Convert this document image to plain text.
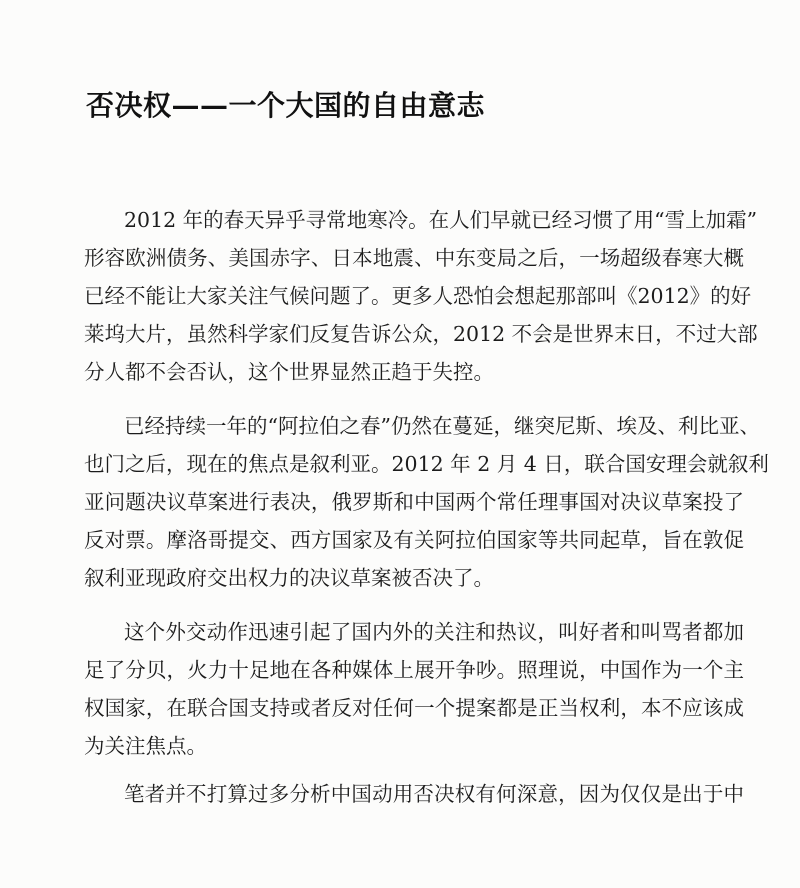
否决权——一个大国的自由意志
2012 年的春天异乎寻常地寒冷。在人们早就已经习惯了用“雪上加霜”
形容欧洲债务、美国赤字、日本地震、中东变局之后，一场超级春寒大概
已经不能让大家关注气候问题了。更多人恐怕会想起那部叫《2012》的好
莱坞大片，虽然科学家们反复告诉公众，2012 不会是世界末日，不过大部
分人都不会否认，这个世界显然正趋于失控。
已经持续一年的“阿拉伯之春”仍然在蔓延，继突尼斯、埃及、利比亚、
也门之后，现在的焦点是叙利亚。2012 年 2 月 4 日，联合国安理会就叙利
亚问题决议草案进行表决，俄罗斯和中国两个常任理事国对决议草案投了
反对票。摩洛哥提交、西方国家及有关阿拉伯国家等共同起草，旨在敦促
叙利亚现政府交出权力的决议草案被否决了。
这个外交动作迅速引起了国内外的关注和热议，叫好者和叫骂者都加
足了分贝，火力十足地在各种媒体上展开争吵。照理说，中国作为一个主
权国家，在联合国支持或者反对任何一个提案都是正当权利，本不应该成
为关注焦点。
笔者并不打算过多分析中国动用否决权有何深意，因为仅仅是出于中
